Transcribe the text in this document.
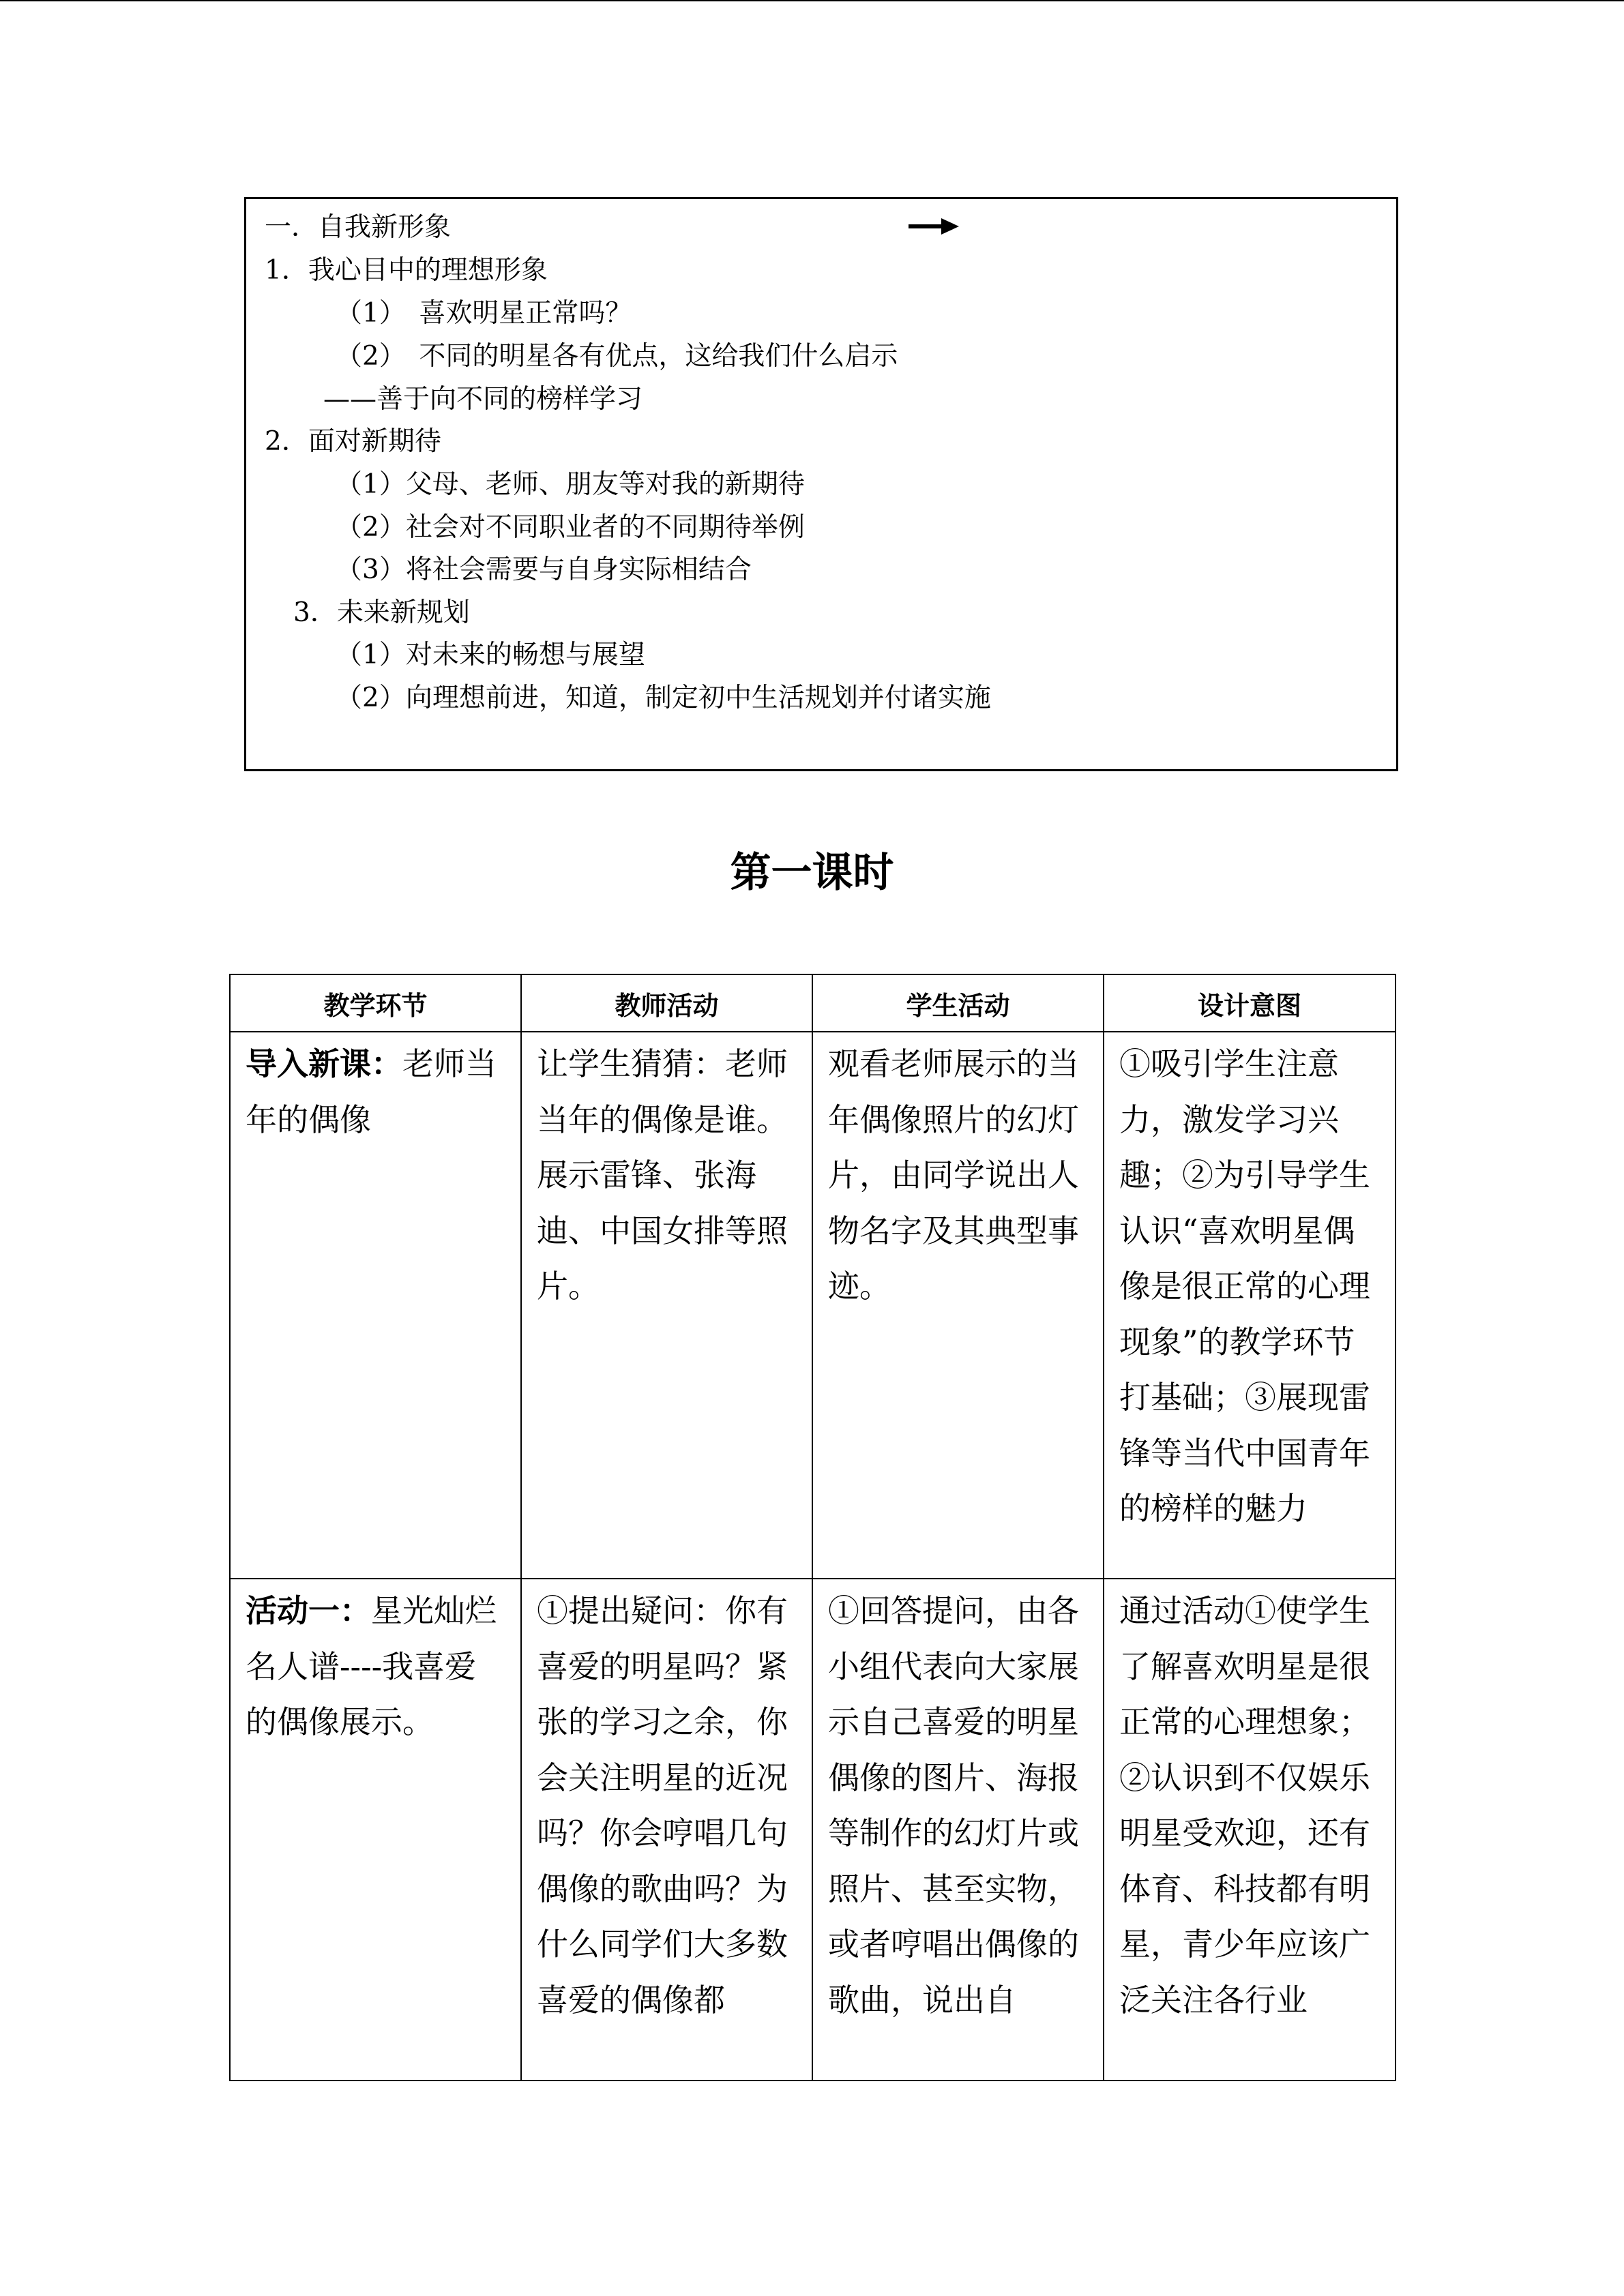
一．自我新形象
1．我心目中的理想形象
（1）　喜欢明星正常吗？
（2）　不同的明星各有优点，这给我们什么启示
——善于向不同的榜样学习
2．面对新期待
（1）父母、老师、朋友等对我的新期待
（2）社会对不同职业者的不同期待举例
（3）将社会需要与自身实际相结合
3．未来新规划
（1）对未来的畅想与展望
（2）向理想前进，知道，制定初中生活规划并付诸实施
第一课时
教学环节	教师活动	学生活动	设计意图

导入新课：老师当年的偶像	让学生猜猜：老师当年的偶像是谁。展示雷锋、张海迪、中国女排等照片。	观看老师展示的当年偶像照片的幻灯片，由同学说出人物名字及其典型事迹。	①吸引学生注意力，激发学习兴趣；②为引导学生认识“喜欢明星偶像是很正常的心理现象”的教学环节打基础；③展现雷锋等当代中国青年的榜样的魅力

活动一：星光灿烂名人谱----我喜爱的偶像展示。	①提出疑问：你有喜爱的明星吗？紧张的学习之余，你会关注明星的近况吗？你会哼唱几句偶像的歌曲吗？为什么同学们大多数喜爱的偶像都	①回答提问，由各小组代表向大家展示自己喜爱的明星偶像的图片、海报等制作的幻灯片或照片、甚至实物，或者哼唱出偶像的歌曲，说出自	通过活动①使学生了解喜欢明星是很正常的心理想象；②认识到不仅娱乐明星受欢迎，还有体育、科技都有明星，青少年应该广泛关注各行业
